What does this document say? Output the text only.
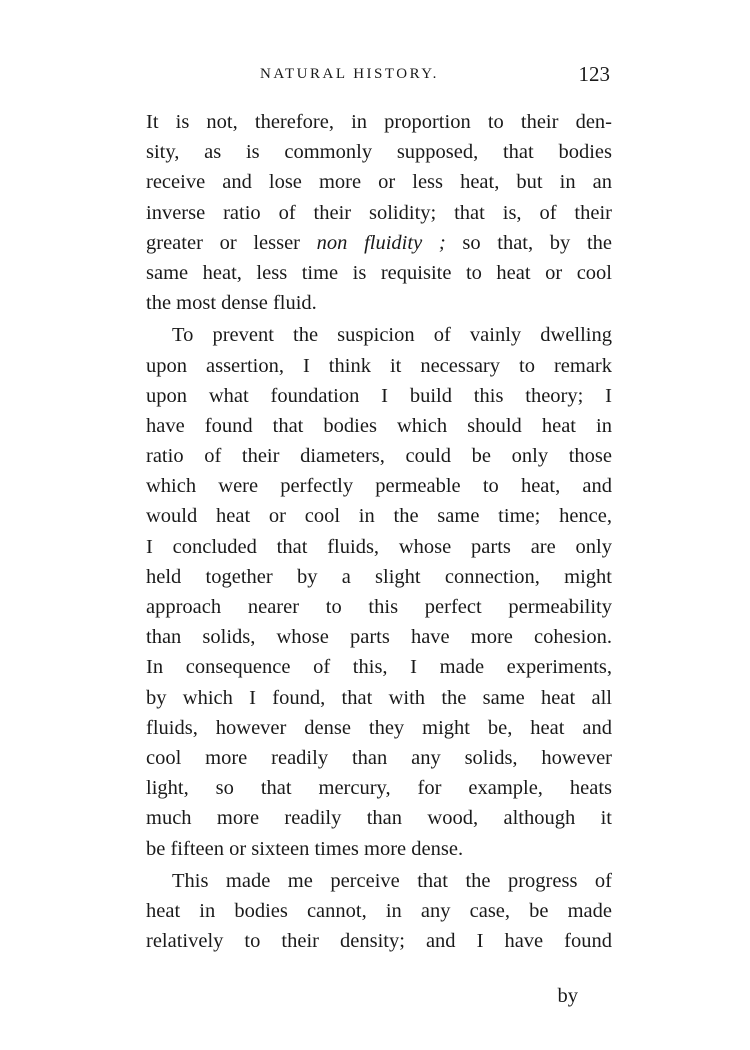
NATURAL HISTORY.	123
It is not, therefore, in proportion to their den-
sity, as is commonly supposed, that bodies
receive and lose more or less heat, but in an
inverse ratio of their solidity; that is, of their
greater or lesser non fluidity ; so that, by the
same heat, less time is requisite to heat or cool
the most dense fluid.
To prevent the suspicion of vainly dwelling
upon assertion, I think it necessary to remark
upon what foundation I build this theory; I
have found that bodies which should heat in
ratio of their diameters, could be only those
which were perfectly permeable to heat, and
would heat or cool in the same time; hence,
I concluded that fluids, whose parts are only
held together by a slight connection, might
approach nearer to this perfect permeability
than solids, whose parts have more cohesion.
In consequence of this, I made experiments,
by which I found, that with the same heat all
fluids, however dense they might be, heat and
cool more readily than any solids, however
light, so that mercury, for example, heats
much more readily than wood, although it
be fifteen or sixteen times more dense.
This made me perceive that the progress of
heat in bodies cannot, in any case, be made
relatively to their density; and I have found
by
